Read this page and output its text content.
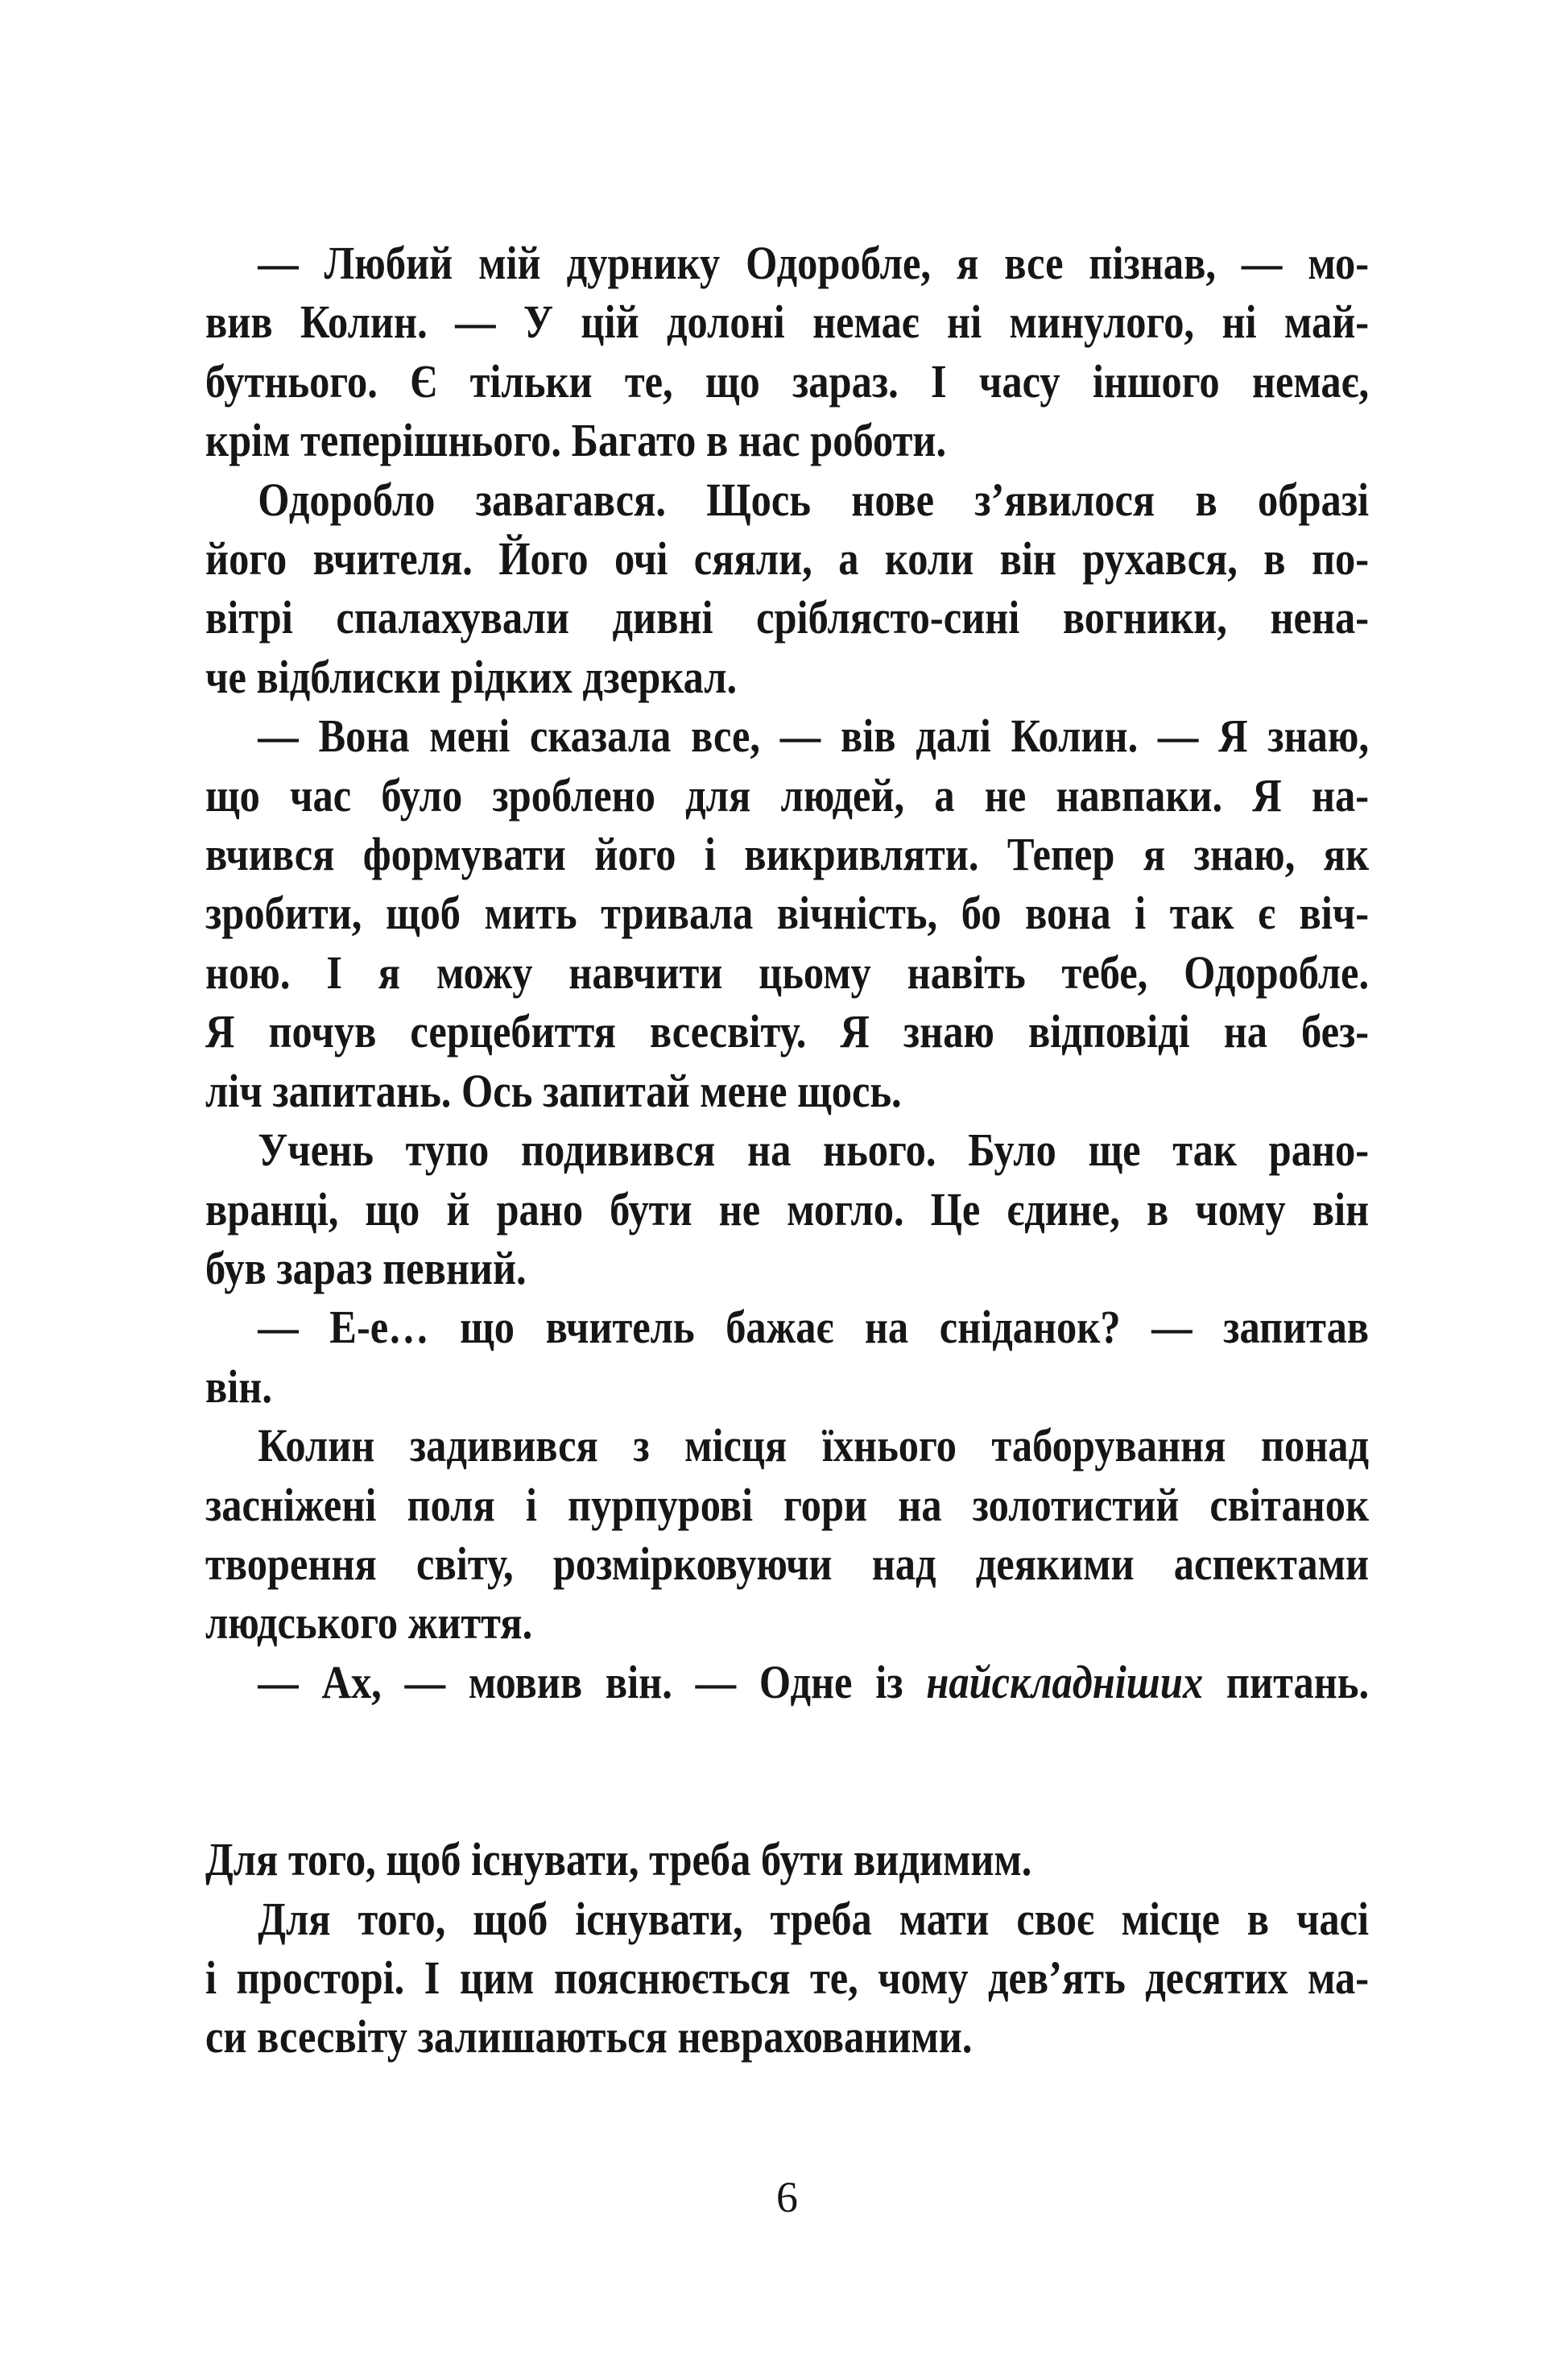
— Любий мій дурнику Одоробле, я все пізнав, — мо-
вив Колин. — У цій долоні немає ні минулого, ні май-
бутнього. Є тільки те, що зараз. І часу іншого немає,
крім теперішнього. Багато в нас роботи.
Одоробло завагався. Щось нове з’явилося в образі
його вчителя. Його очі сяяли, а коли він рухався, в по-
вітрі спалахували дивні сріблясто-сині вогники, нена-
че відблиски рідких дзеркал.
— Вона мені сказала все, — вів далі Колин. — Я знаю,
що час було зроблено для людей, а не навпаки. Я на-
вчився формувати його і викривляти. Тепер я знаю, як
зробити, щоб мить тривала вічність, бо вона і так є віч-
ною. І я можу навчити цьому навіть тебе, Одоробле.
Я почув серцебиття всесвіту. Я знаю відповіді на без-
ліч запитань. Ось запитай мене щось.
Учень тупо подивився на нього. Було ще так рано-
вранці, що й рано бути не могло. Це єдине, в чому він
був зараз певний.
— Е-е… що вчитель бажає на сніданок? — запитав
він.
Колин задивився з місця їхнього таборування понад
засніжені поля і пурпурові гори на золотистий світанок
творення світу, розмірковуючи над деякими аспектами
людського життя.
— Ах, — мовив він. — Одне із найскладніших питань.
Для того, щоб існувати, треба бути видимим.
Для того, щоб існувати, треба мати своє місце в часі
і просторі. І цим пояснюється те, чому дев’ять десятих ма-
си всесвіту залишаються неврахованими.
6
